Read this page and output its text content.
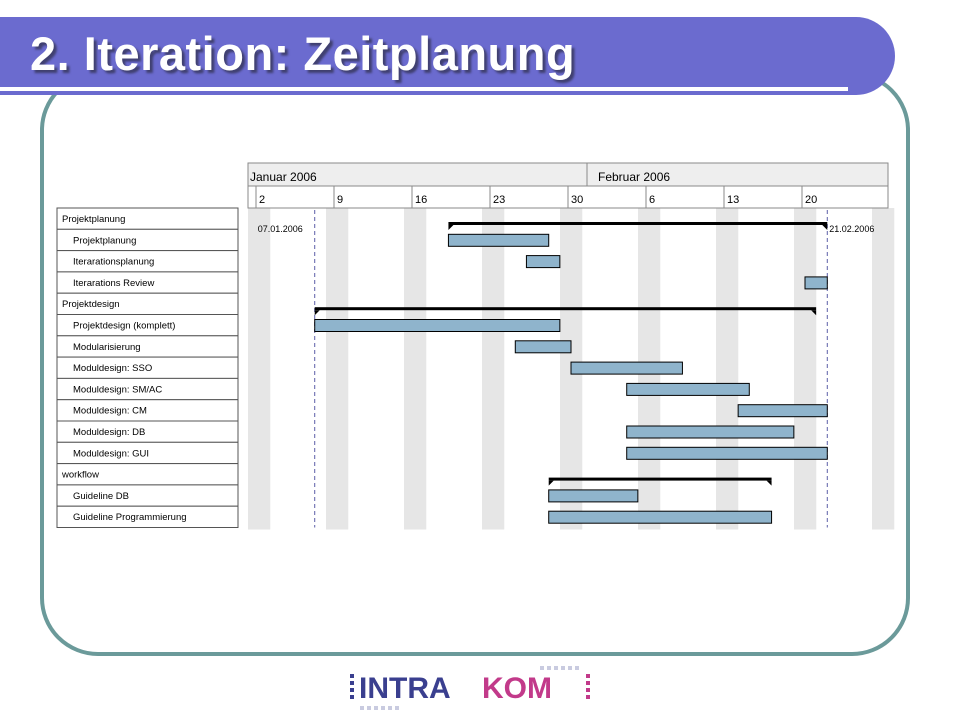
2. Iteration: Zeitplanung
Januar 2006	Februar 2006
2	9	16	23	30	6	13	20
Projektplanung
Projektplanung
Iterarationsplanung
Iterarations Review
Projektdesign
Projektdesign (komplett)
Modularisierung
Moduldesign: SSO
Moduldesign: SM/AC
Moduldesign: CM
Moduldesign: DB
Moduldesign: GUI
workflow
Guideline DB
Guideline Programmierung
07.01.2006	21.02.2006
INTRA KOM
